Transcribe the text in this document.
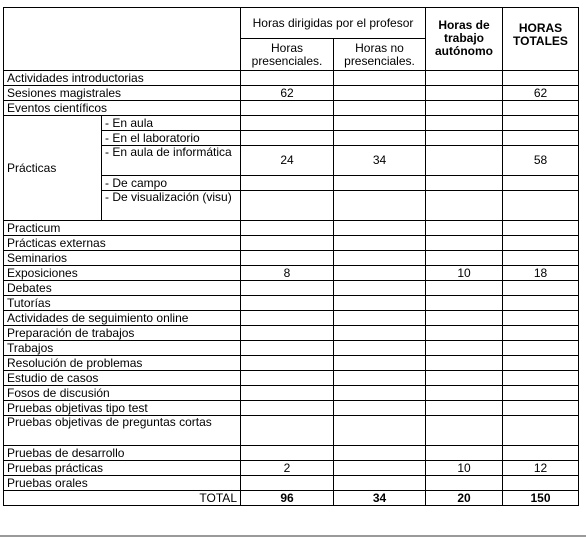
		Horas dirigidas por el profesor		Horas de trabajo autónomo	HORAS TOTALES
		Horas presenciales.	Horas no presenciales.		
Actividades introductorias					
Sesiones magistrales		62			62
Eventos científicos					
Prácticas	- En aula				
	- En el laboratorio				
	- En aula de informática	24	34		58
	- De campo				
	- De visualización (visu)				
Practicum					
Prácticas externas					
Seminarios					
Exposiciones		8		10	18
Debates					
Tutorías					
Actividades de seguimiento online					
Preparación de trabajos					
Trabajos					
Resolución de problemas					
Estudio de casos					
Fosos de discusión					
Pruebas objetivas tipo test					
Pruebas objetivas de preguntas cortas					
Pruebas de desarrollo					
Pruebas prácticas		2		10	12
Pruebas orales					
TOTAL		96	34	20	150
